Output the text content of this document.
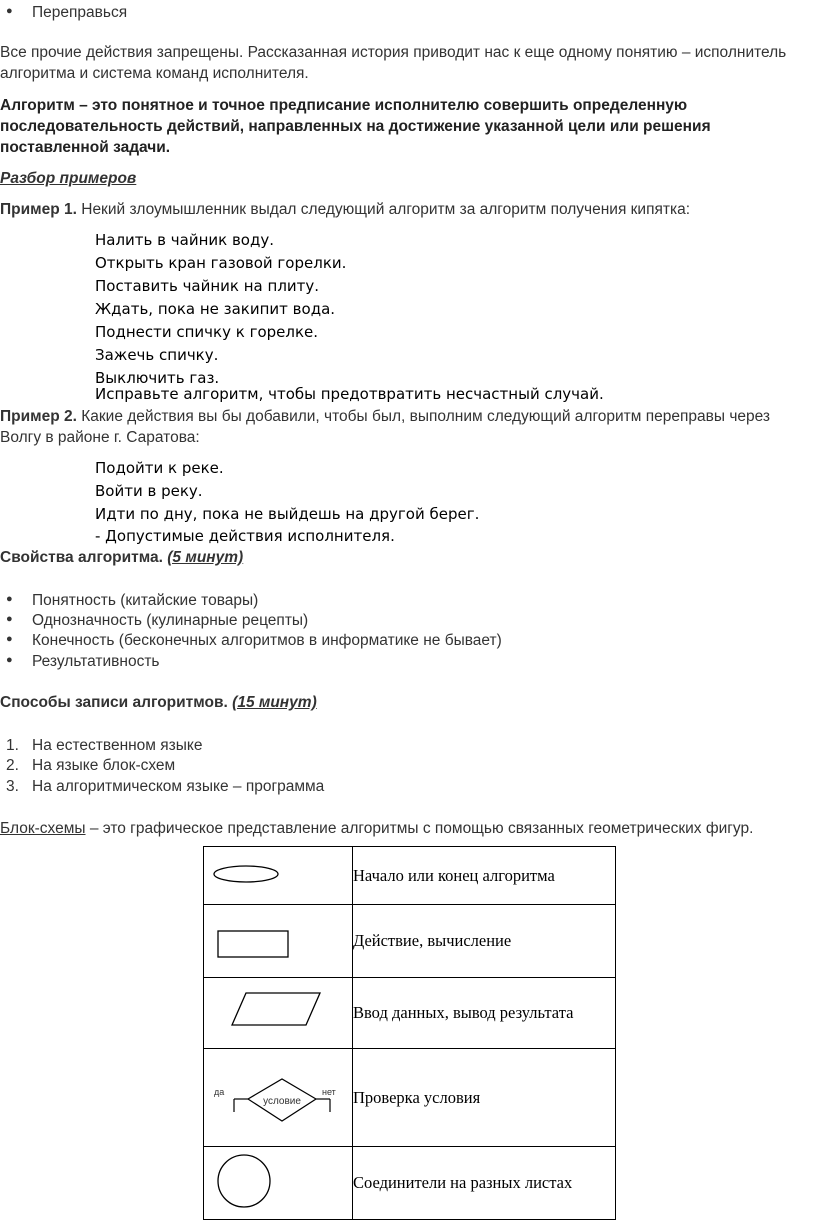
● Переправься
Все прочие действия запрещены. Рассказанная история приводит нас к еще одному понятию – исполнитель алгоритма и система команд исполнителя.
Алгоритм – это понятное и точное предписание исполнителю совершить определенную последовательность действий, направленных на достижение указанной цели или решения поставленной задачи.
Разбор примеров
Пример 1. Некий злоумышленник выдал следующий алгоритм за алгоритм получения кипятка:
Налить в чайник воду.
Открыть кран газовой горелки.
Поставить чайник на плиту.
Ждать, пока не закипит вода.
Поднести спичку к горелке.
Зажечь спичку.
Выключить газ.
Исправьте алгоритм, чтобы предотвратить несчастный случай.
Пример 2. Какие действия вы бы добавили, чтобы был, выполним следующий алгоритм переправы через Волгу в районе г. Саратова:
Подойти к реке.
Войти в реку.
Идти по дну, пока не выйдешь на другой берег.
- Допустимые действия исполнителя.
Свойства алгоритма. (5 минут)
● Понятность (китайские товары)
● Однозначность (кулинарные рецепты)
● Конечность (бесконечных алгоритмов в информатике не бывает)
● Результативность
Способы записи алгоритмов. (15 минут)
1. На естественном языке
2. На языке блок-схем
3. На алгоритмическом языке – программа
Блок-схемы – это графическое представление алгоритмы с помощью связанных геометрических фигур.
	Начало или конец алгоритма
	Действие, вычисление
	Ввод данных, вывод результата

условие
да нет	Проверка условия
	Соединители на разных листах
